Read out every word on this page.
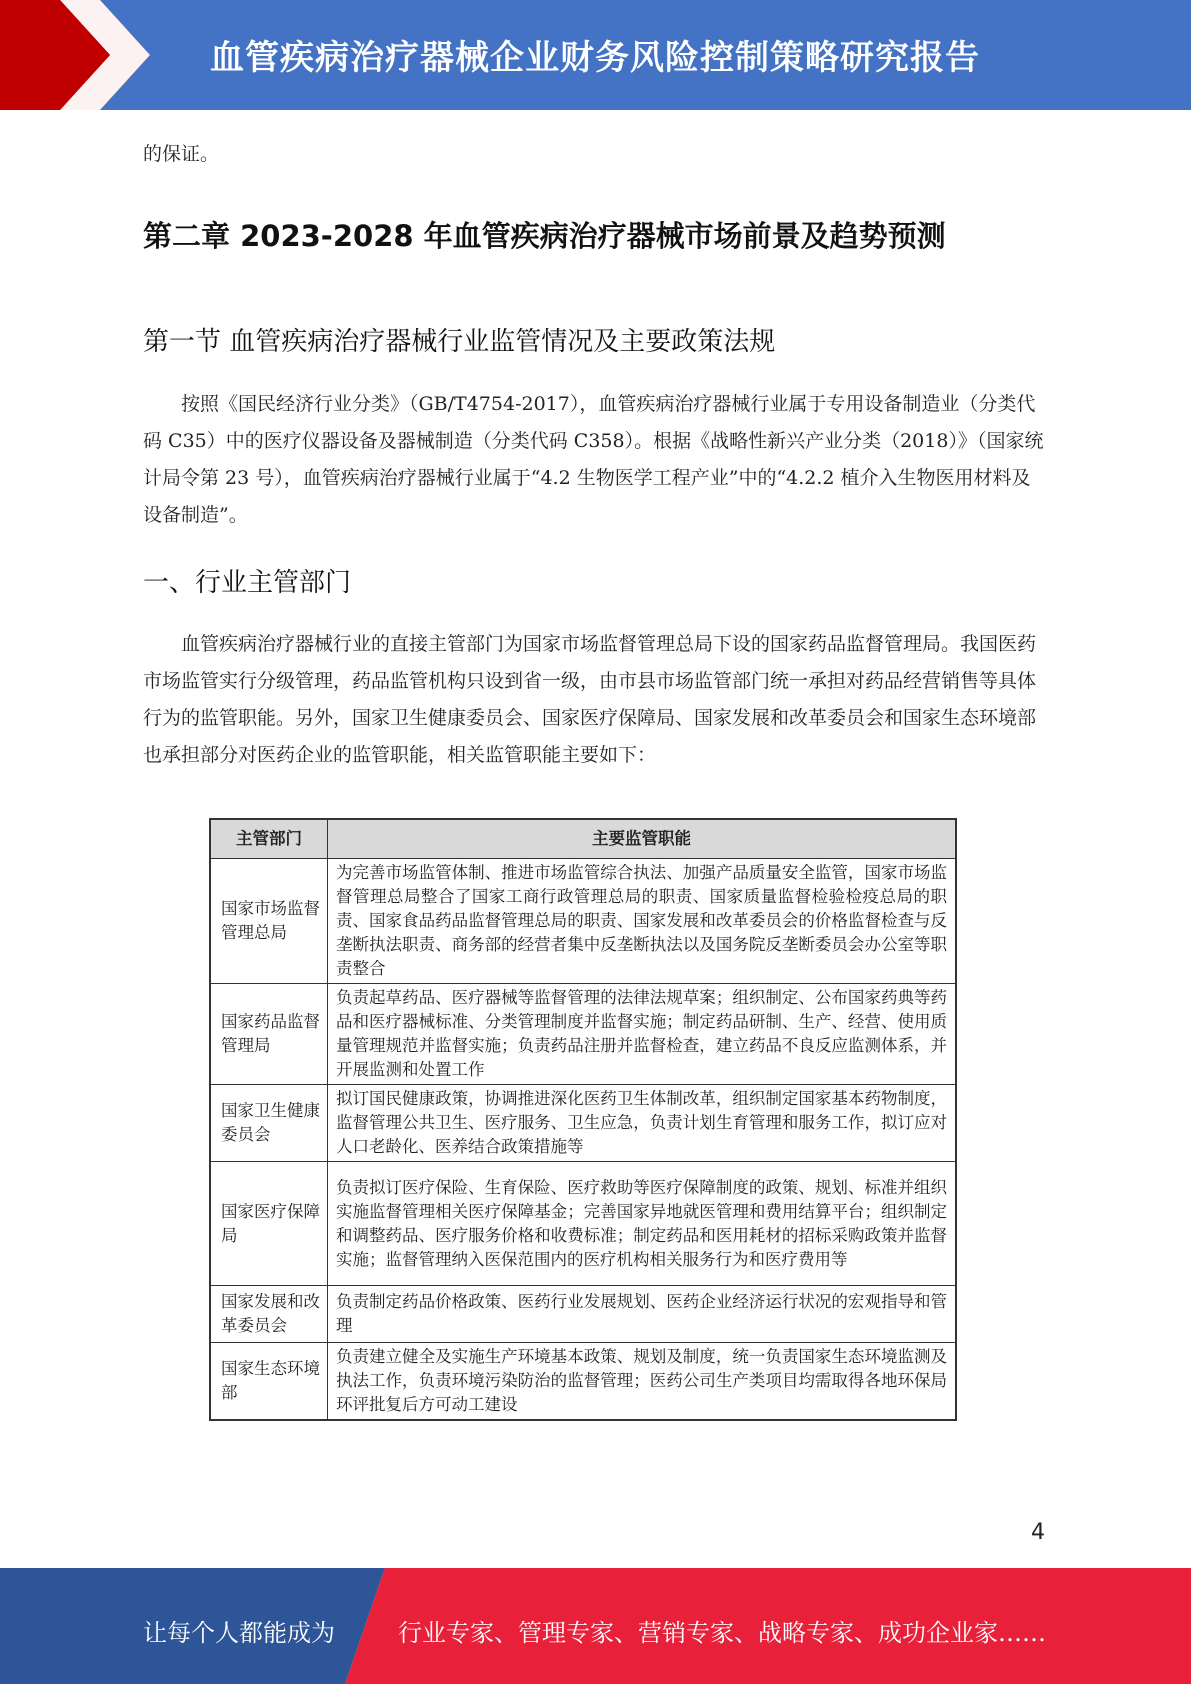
血管疾病治疗器械企业财务风险控制策略研究报告

的保证。

第二章 2023-2028 年血管疾病治疗器械市场前景及趋势预测
第一节 血管疾病治疗器械行业监管情况及主要政策法规

按照《国民经济行业分类》（GB/T4754-2017），血管疾病治疗器械行业属于专用设备制造业（分类代码 C35）中的医疗仪器设备及器械制造（分类代码 C358）。根据《战略性新兴产业分类（2018）》（国家统计局令第 23 号），血管疾病治疗器械行业属于“4.2 生物医学工程产业”中的“4.2.2 植介入生物医用材料及设备制造”。

一、行业主管部门

血管疾病治疗器械行业的直接主管部门为国家市场监督管理总局下设的国家药品监督管理局。我国医药市场监管实行分级管理，药品监管机构只设到省一级，由市县市场监管部门统一承担对药品经营销售等具体行为的监管职能。另外，国家卫生健康委员会、国家医疗保障局、国家发展和改革委员会和国家生态环境部也承担部分对医药企业的监管职能，相关监管职能主要如下：

主管部门	主要监管职能
国家市场监督管理总局	为完善市场监管体制、推进市场监管综合执法、加强产品质量安全监管，国家市场监督管理总局整合了国家工商行政管理总局的职责、国家质量监督检验检疫总局的职责、国家食品药品监督管理总局的职责、国家发展和改革委员会的价格监督检查与反垄断执法职责、商务部的经营者集中反垄断执法以及国务院反垄断委员会办公室等职责整合
国家药品监督管理局	负责起草药品、医疗器械等监督管理的法律法规草案；组织制定、公布国家药典等药品和医疗器械标准、分类管理制度并监督实施；制定药品研制、生产、经营、使用质量管理规范并监督实施；负责药品注册并监督检查，建立药品不良反应监测体系，并开展监测和处置工作
国家卫生健康委员会	拟订国民健康政策，协调推进深化医药卫生体制改革，组织制定国家基本药物制度，监督管理公共卫生、医疗服务、卫生应急，负责计划生育管理和服务工作，拟订应对人口老龄化、医养结合政策措施等
国家医疗保障局	负责拟订医疗保险、生育保险、医疗救助等医疗保障制度的政策、规划、标准并组织实施监督管理相关医疗保障基金；完善国家异地就医管理和费用结算平台；组织制定和调整药品、医疗服务价格和收费标准；制定药品和医用耗材的招标采购政策并监督实施；监督管理纳入医保范围内的医疗机构相关服务行为和医疗费用等
国家发展和改革委员会	负责制定药品价格政策、医药行业发展规划、医药企业经济运行状况的宏观指导和管理
国家生态环境部	负责建立健全及实施生产环境基本政策、规划及制度，统一负责国家生态环境监测及执法工作，负责环境污染防治的监督管理；医药公司生产类项目均需取得各地环保局环评批复后方可动工建设
4
让每个人都能成为	行业专家、管理专家、营销专家、战略专家、成功企业家……
